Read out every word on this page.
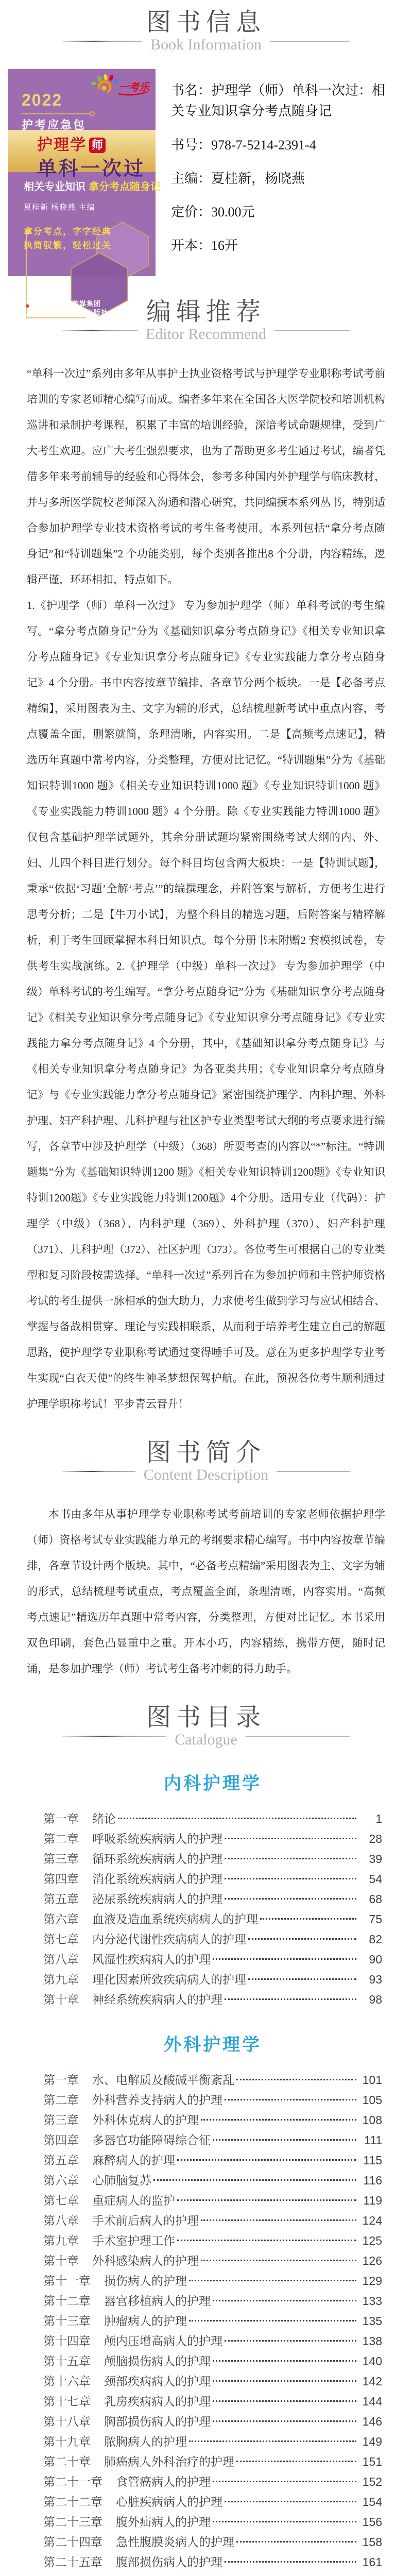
图书信息
Book Information
一考乐
2022
护考应急包
护理学 师
单科一次过
相关专业知识 拿分考点随身记
夏桂新 杨晓燕 主编
拿分考点，字字经典
执简驭繁，轻松过关
中国健康传媒集团
中国医药科技出版社
书名：护理学（师）单科一次过：相关专业知识拿分考点随身记
书号：978-7-5214-2391-4
主编：夏桂新，杨晓燕
定价：30.00元
开本：16开
编辑推荐
Editor Recommend

“单科一次过”系列由多年从事护士执业资格考试与护理学专业职称考试考前培训的专家老师精心编写而成。编者多年来在全国各大医学院校和培训机构巡讲和录制护考课程，积累了丰富的培训经验，深谙考试命题规律，受到广大考生欢迎。应广大考生强烈要求，也为了帮助更多考生通过考试，编者凭借多年来考前辅导的经验和心得体会，参考多种国内外护理学与临床教材，并与多所医学院校老师深入沟通和潜心研究，共同编撰本系列丛书，特别适合参加护理学专业技术资格考试的考生备考使用。本系列包括“拿分考点随身记”和“特训题集”2 个功能类别，每个类别各推出8 个分册，内容精练，逻辑严谨，环环相扣，特点如下。

1.《护理学（师）单科一次过》 专为参加护理学（师）单科考试的考生编写。“拿分考点随身记”分为《基础知识拿分考点随身记》《相关专业知识拿分考点随身记》《专业知识拿分考点随身记》《专业实践能力拿分考点随身记》4 个分册。书中内容按章节编排，各章节分两个板块。一是【必备考点精编】，采用图表为主、文字为辅的形式，总结梳理新考试中重点内容，考点覆盖全面，删繁就简，条理清晰，内容实用。二是【高频考点速记】，精选历年真题中常考内容，分类整理，方便对比记忆。“特训题集”分为《基础知识特训1000 题》《相关专业知识特训1000 题》《专业知识特训1000 题》《专业实践能力特训1000 题》4 个分册。除《专业实践能力特训1000 题》仅包含基础护理学试题外，其余分册试题均紧密围绕考试大纲的内、外、妇、儿四个科目进行划分。每个科目均包含两大板块：一是【特训试题】，秉承“依据‘习题’全解‘考点’”的编撰理念，并附答案与解析，方便考生进行思考分析；二是【牛刀小试】，为整个科目的精选习题，后附答案与精粹解析，利于考生回顾掌握本科目知识点。每个分册书末附赠2 套模拟试卷，专供考生实战演练。2.《护理学（中级）单科一次过》 专为参加护理学（中级）单科考试的考生编写。“拿分考点随身记”分为《基础知识拿分考点随身记》《相关专业知识拿分考点随身记》《专业知识拿分考点随身记》《专业实践能力拿分考点随身记》4 个分册，其中，《基础知识拿分考点随身记》与《相关专业知识拿分考点随身记》为各亚类共用；《专业知识拿分考点随身记》与《专业实践能力拿分考点随身记》紧密围绕护理学、内科护理、外科护理、妇产科护理、儿科护理与社区护专业类型考试大纲的考点要求进行编写，各章节中涉及护理学（中级）（368）所要考查的内容以“*”标注。“特训题集”分为《基础知识特训1200 题》《相关专业知识特训1200题》《专业知识特训1200题》《专业实践能力特训1200题》4个分册。适用专业（代码）：护理学（中级）（368）、内科护理（369）、外科护理（370）、妇产科护理（371）、儿科护理（372）、社区护理（373）。各位考生可根据自己的专业类型和复习阶段按需选择。“单科一次过”系列旨在为参加护师和主管护师资格考试的考生提供一脉相承的强大助力，力求使考生做到学习与应试相结合、掌握与备战相贯穿、理论与实践相联系，从而利于培养考生建立自己的解题思路，使护理学专业职称考试通过变得唾手可及。意在为更多护理学专业考生实现“白衣天使”的终生神圣梦想保驾护航。在此，预祝各位考生顺利通过护理学职称考试！平步青云晋升！

图书简介
Content Description

本书由多年从事护理学专业职称考试考前培训的专家老师依据护理学（师）资格考试专业实践能力单元的考纲要求精心编写。书中内容按章节编排，各章节设计两个版块。其中，“必备考点精编”采用图表为主、文字为辅的形式，总结梳理考试重点，考点覆盖全面，条理清晰，内容实用。“高频考点速记”精选历年真题中常考内容，分类整理，方便对比记忆。本书采用双色印刷，套色凸显重中之重。开本小巧，内容精练，携带方便，随时记诵，是参加护理学（师）考试考生备考冲刺的得力助手。

图书目录
Catalogue
内科护理学
第一章 绪论	1
第二章 呼吸系统疾病病人的护理	28
第三章 循环系统疾病病人的护理	39
第四章 消化系统疾病病人的护理	54
第五章 泌尿系统疾病病人的护理	68
第六章 血液及造血系统疾病病人的护理	75
第七章 内分泌代谢性疾病病人的护理	82
第八章 风湿性疾病病人的护理	90
第九章 理化因素所致疾病病人的护理	93
第十章 神经系统疾病病人的护理	98
外科护理学
第一章 水、电解质及酸碱平衡紊乱	101
第二章 外科营养支持病人的护理	105
第三章 外科休克病人的护理	108
第四章 多器官功能障碍综合征	111
第五章 麻醉病人的护理	115
第六章 心肺脑复苏	116
第七章 重症病人的监护	119
第八章 手术前后病人的护理	124
第九章 手术室护理工作	125
第十章 外科感染病人的护理	126
第十一章 损伤病人的护理	129
第十二章 器官移植病人的护理	133
第十三章 肿瘤病人的护理	135
第十四章 颅内压增高病人的护理	138
第十五章 颅脑损伤病人的护理	140
第十六章 颈部疾病病人的护理	142
第十七章 乳房疾病病人的护理	144
第十八章 胸部损伤病人的护理	146
第十九章 脓胸病人的护理	149
第二十章 肺癌病人外科治疗的护理	151
第二十一章 食管癌病人的护理	152
第二十二章 心脏疾病病人的护理	154
第二十三章 腹外疝病人的护理	156
第二十四章 急性腹膜炎病人的护理	158
第二十五章 腹部损伤病人的护理	161
